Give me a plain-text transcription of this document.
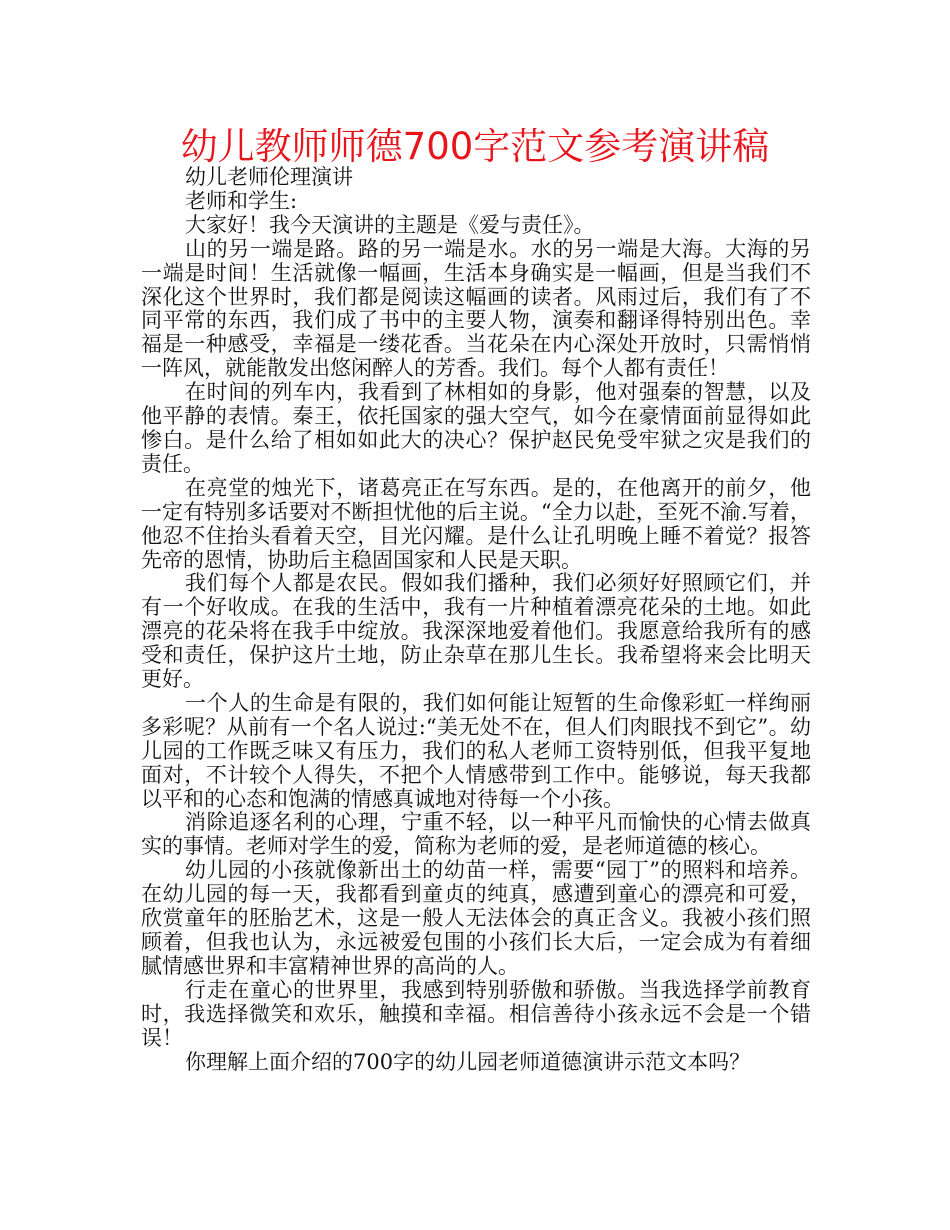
幼儿教师师德700字范文参考演讲稿

幼儿老师伦理演讲

老师和学生:

大家好！我今天演讲的主题是《爱与责任》。

山的另一端是路。路的另一端是水。水的另一端是大海。大海的另一端是时间！生活就像一幅画，生活本身确实是一幅画，但是当我们不深化这个世界时，我们都是阅读这幅画的读者。风雨过后，我们有了不同平常的东西，我们成了书中的主要人物，演奏和翻译得特别出色。幸福是一种感受，幸福是一缕花香。当花朵在内心深处开放时，只需悄悄一阵风，就能散发出悠闲醉人的芳香。我们。每个人都有责任！

在时间的列车内，我看到了林相如的身影，他对强秦的智慧，以及他平静的表情。秦王，依托国家的强大空气，如今在豪情面前显得如此惨白。是什么给了相如如此大的决心？保护赵民免受牢狱之灾是我们的责任。

在亮堂的烛光下，诸葛亮正在写东西。是的，在他离开的前夕，他一定有特别多话要对不断担忧他的后主说。“全力以赴，至死不渝.写着，他忍不住抬头看着天空，目光闪耀。是什么让孔明晚上睡不着觉？报答先帝的恩情，协助后主稳固国家和人民是天职。

我们每个人都是农民。假如我们播种，我们必须好好照顾它们，并有一个好收成。在我的生活中，我有一片种植着漂亮花朵的土地。如此漂亮的花朵将在我手中绽放。我深深地爱着他们。我愿意给我所有的感受和责任，保护这片土地，防止杂草在那儿生长。我希望将来会比明天更好。

一个人的生命是有限的，我们如何能让短暂的生命像彩虹一样绚丽多彩呢？从前有一个名人说过:“美无处不在，但人们肉眼找不到它”。幼儿园的工作既乏味又有压力，我们的私人老师工资特别低，但我平复地面对，不计较个人得失，不把个人情感带到工作中。能够说，每天我都以平和的心态和饱满的情感真诚地对待每一个小孩。

消除追逐名利的心理，宁重不轻，以一种平凡而愉快的心情去做真实的事情。老师对学生的爱，简称为老师的爱，是老师道德的核心。

幼儿园的小孩就像新出土的幼苗一样，需要“园丁”的照料和培养。在幼儿园的每一天，我都看到童贞的纯真，感遭到童心的漂亮和可爱，欣赏童年的胚胎艺术，这是一般人无法体会的真正含义。我被小孩们照顾着，但我也认为，永远被爱包围的小孩们长大后，一定会成为有着细腻情感世界和丰富精神世界的高尚的人。

行走在童心的世界里，我感到特别骄傲和骄傲。当我选择学前教育时，我选择微笑和欢乐，触摸和幸福。相信善待小孩永远不会是一个错误！

你理解上面介绍的700字的幼儿园老师道德演讲示范文本吗？
